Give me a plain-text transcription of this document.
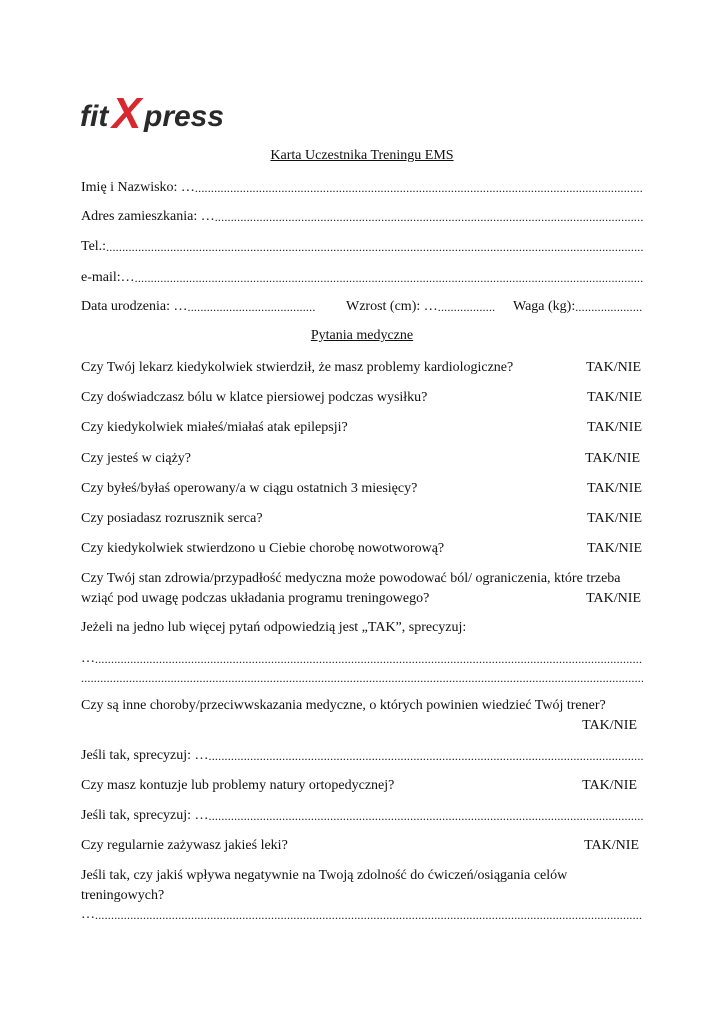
fit X press
Karta Uczestnika Treningu EMS
Imię i Nazwisko: …
.....
Adres zamieszkania: …
.....
Tel.:
.....
e-mail:…
.....
Data urodzenia: … .....	Wzrost (cm): … .....	Waga (kg):
.....
Pytania medyczne
Czy Twój lekarz kiedykolwiek stwierdził, że masz problemy kardiologiczne?	TAK/NIE
Czy doświadczasz bólu w klatce piersiowej podczas wysiłku?	TAK/NIE
Czy kiedykolwiek miałeś/miałaś atak epilepsji?	TAK/NIE
Czy jesteś w ciąży?	TAK/NIE
Czy byłeś/byłaś operowany/a w ciągu ostatnich 3 miesięcy?	TAK/NIE
Czy posiadasz rozrusznik serca?	TAK/NIE
Czy kiedykolwiek stwierdzono u Ciebie chorobę nowotworową?	TAK/NIE
Czy Twój stan zdrowia/przypadłość medyczna może powodować ból/ ograniczenia, które trzeba wziąć pod uwagę podczas układania programu treningowego?	TAK/NIE
Jeżeli na jedno lub więcej pytań odpowiedzią jest „TAK”, sprecyzuj:
…
.....
.....
Czy są inne choroby/przeciwwskazania medyczne, o których powinien wiedzieć Twój trener?
TAK/NIE
Jeśli tak, sprecyzuj: …
.....
Czy masz kontuzje lub problemy natury ortopedycznej?	TAK/NIE
Jeśli tak, sprecyzuj: …
.....
Czy regularnie zażywasz jakieś leki?	TAK/NIE
Jeśli tak, czy jakiś wpływa negatywnie na Twoją zdolność do ćwiczeń/osiągania celów treningowych?
…
.....
